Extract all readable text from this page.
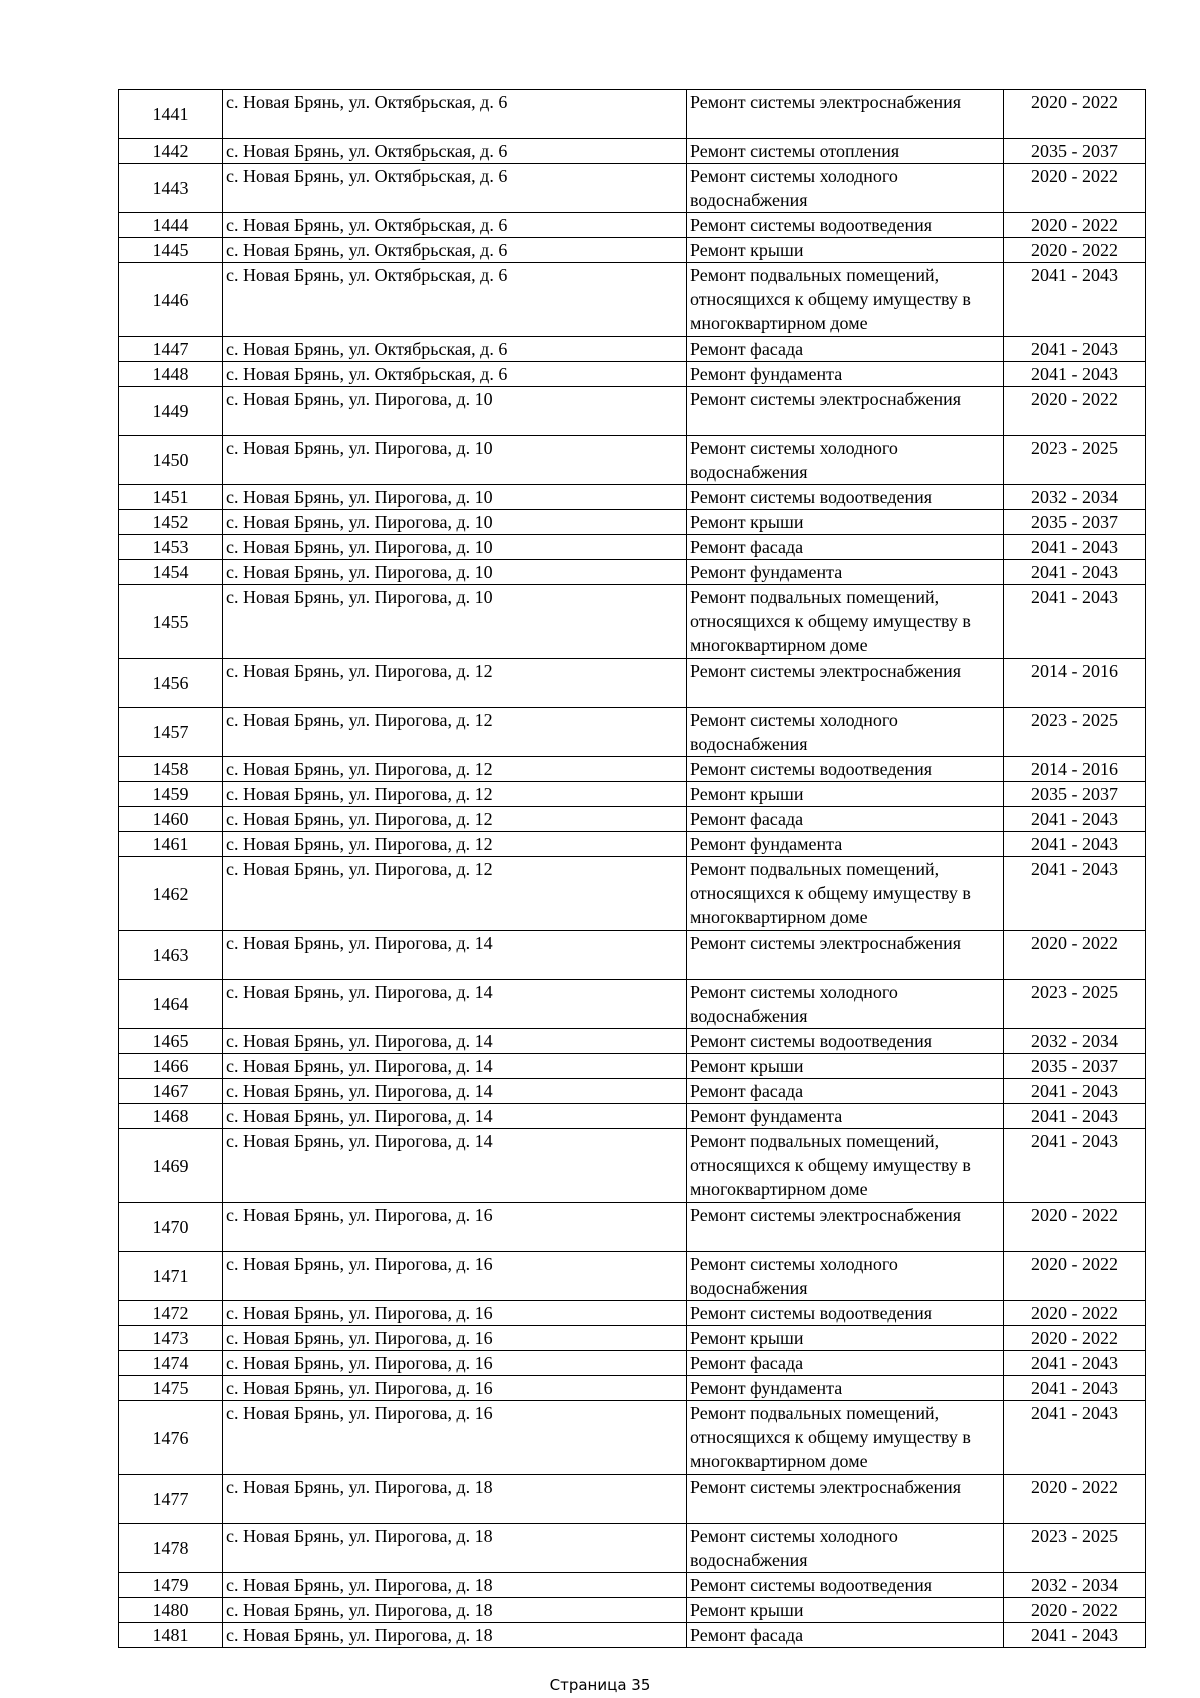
1441	с. Новая Брянь, ул. Октябрьская, д. 6	Ремонт системы электроснабжения	2020 - 2022
1442	с. Новая Брянь, ул. Октябрьская, д. 6	Ремонт системы отопления	2035 - 2037
1443	с. Новая Брянь, ул. Октябрьская, д. 6	Ремонт системы холодного водоснабжения	2020 - 2022
1444	с. Новая Брянь, ул. Октябрьская, д. 6	Ремонт системы водоотведения	2020 - 2022
1445	с. Новая Брянь, ул. Октябрьская, д. 6	Ремонт крыши	2020 - 2022
1446	с. Новая Брянь, ул. Октябрьская, д. 6	Ремонт подвальных помещений, относящихся к общему имуществу в многоквартирном доме	2041 - 2043
1447	с. Новая Брянь, ул. Октябрьская, д. 6	Ремонт фасада	2041 - 2043
1448	с. Новая Брянь, ул. Октябрьская, д. 6	Ремонт фундамента	2041 - 2043
1449	с. Новая Брянь, ул. Пирогова, д. 10	Ремонт системы электроснабжения	2020 - 2022
1450	с. Новая Брянь, ул. Пирогова, д. 10	Ремонт системы холодного водоснабжения	2023 - 2025
1451	с. Новая Брянь, ул. Пирогова, д. 10	Ремонт системы водоотведения	2032 - 2034
1452	с. Новая Брянь, ул. Пирогова, д. 10	Ремонт крыши	2035 - 2037
1453	с. Новая Брянь, ул. Пирогова, д. 10	Ремонт фасада	2041 - 2043
1454	с. Новая Брянь, ул. Пирогова, д. 10	Ремонт фундамента	2041 - 2043
1455	с. Новая Брянь, ул. Пирогова, д. 10	Ремонт подвальных помещений, относящихся к общему имуществу в многоквартирном доме	2041 - 2043
1456	с. Новая Брянь, ул. Пирогова, д. 12	Ремонт системы электроснабжения	2014 - 2016
1457	с. Новая Брянь, ул. Пирогова, д. 12	Ремонт системы холодного водоснабжения	2023 - 2025
1458	с. Новая Брянь, ул. Пирогова, д. 12	Ремонт системы водоотведения	2014 - 2016
1459	с. Новая Брянь, ул. Пирогова, д. 12	Ремонт крыши	2035 - 2037
1460	с. Новая Брянь, ул. Пирогова, д. 12	Ремонт фасада	2041 - 2043
1461	с. Новая Брянь, ул. Пирогова, д. 12	Ремонт фундамента	2041 - 2043
1462	с. Новая Брянь, ул. Пирогова, д. 12	Ремонт подвальных помещений, относящихся к общему имуществу в многоквартирном доме	2041 - 2043
1463	с. Новая Брянь, ул. Пирогова, д. 14	Ремонт системы электроснабжения	2020 - 2022
1464	с. Новая Брянь, ул. Пирогова, д. 14	Ремонт системы холодного водоснабжения	2023 - 2025
1465	с. Новая Брянь, ул. Пирогова, д. 14	Ремонт системы водоотведения	2032 - 2034
1466	с. Новая Брянь, ул. Пирогова, д. 14	Ремонт крыши	2035 - 2037
1467	с. Новая Брянь, ул. Пирогова, д. 14	Ремонт фасада	2041 - 2043
1468	с. Новая Брянь, ул. Пирогова, д. 14	Ремонт фундамента	2041 - 2043
1469	с. Новая Брянь, ул. Пирогова, д. 14	Ремонт подвальных помещений, относящихся к общему имуществу в многоквартирном доме	2041 - 2043
1470	с. Новая Брянь, ул. Пирогова, д. 16	Ремонт системы электроснабжения	2020 - 2022
1471	с. Новая Брянь, ул. Пирогова, д. 16	Ремонт системы холодного водоснабжения	2020 - 2022
1472	с. Новая Брянь, ул. Пирогова, д. 16	Ремонт системы водоотведения	2020 - 2022
1473	с. Новая Брянь, ул. Пирогова, д. 16	Ремонт крыши	2020 - 2022
1474	с. Новая Брянь, ул. Пирогова, д. 16	Ремонт фасада	2041 - 2043
1475	с. Новая Брянь, ул. Пирогова, д. 16	Ремонт фундамента	2041 - 2043
1476	с. Новая Брянь, ул. Пирогова, д. 16	Ремонт подвальных помещений, относящихся к общему имуществу в многоквартирном доме	2041 - 2043
1477	с. Новая Брянь, ул. Пирогова, д. 18	Ремонт системы электроснабжения	2020 - 2022
1478	с. Новая Брянь, ул. Пирогова, д. 18	Ремонт системы холодного водоснабжения	2023 - 2025
1479	с. Новая Брянь, ул. Пирогова, д. 18	Ремонт системы водоотведения	2032 - 2034
1480	с. Новая Брянь, ул. Пирогова, д. 18	Ремонт крыши	2020 - 2022
1481	с. Новая Брянь, ул. Пирогова, д. 18	Ремонт фасада	2041 - 2043
Страница 35
